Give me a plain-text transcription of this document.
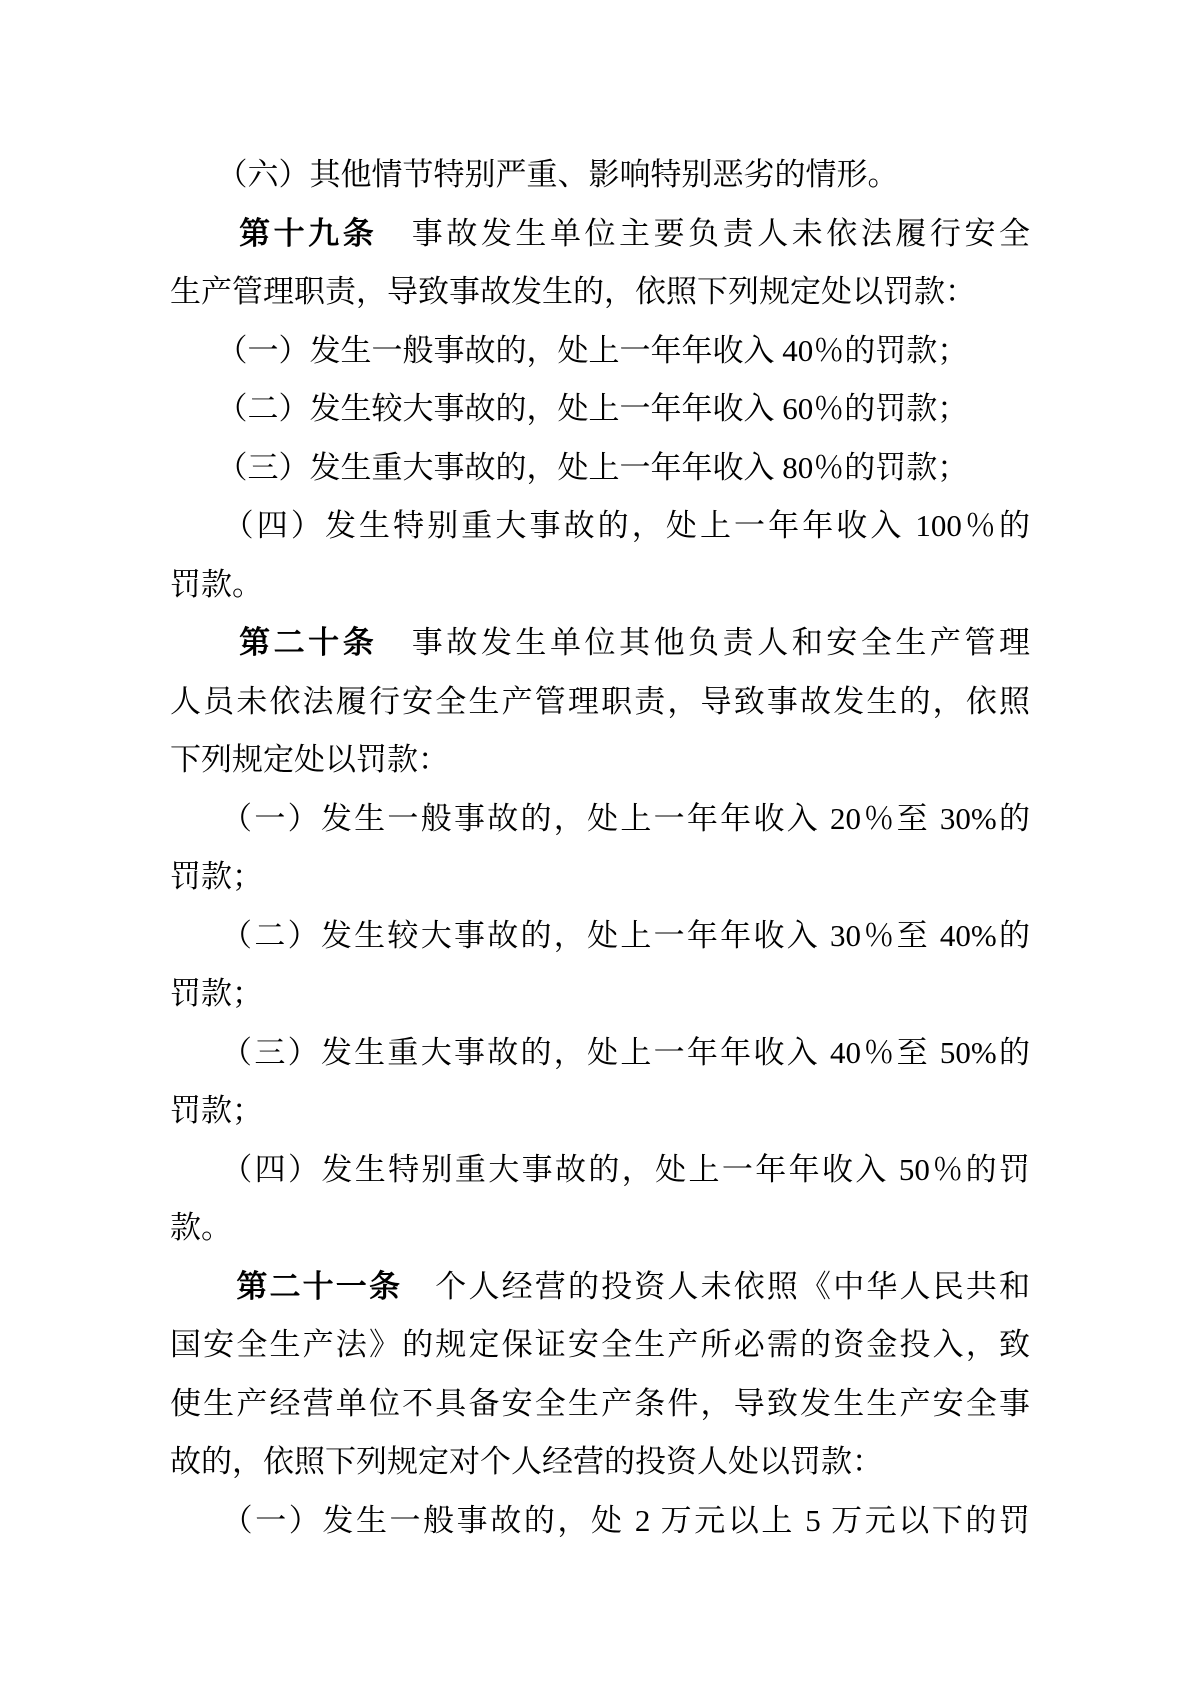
　　（六）其他情节特别严重、影响特别恶劣的情形。
　　第十九条　事故发生单位主要负责人未依法履行安全
生产管理职责，导致事故发生的，依照下列规定处以罚款：
　　（一）发生一般事故的，处上一年年收入 40％的罚款；
　　（二）发生较大事故的，处上一年年收入 60％的罚款；
　　（三）发生重大事故的，处上一年年收入 80％的罚款；
　　（四）发生特别重大事故的，处上一年年收入 100％的
罚款。
　　第二十条　事故发生单位其他负责人和安全生产管理
人员未依法履行安全生产管理职责，导致事故发生的，依照
下列规定处以罚款：
　　（一）发生一般事故的，处上一年年收入 20％至 30%的
罚款；
　　（二）发生较大事故的，处上一年年收入 30％至 40%的
罚款；
　　（三）发生重大事故的，处上一年年收入 40％至 50%的
罚款；
　　（四）发生特别重大事故的，处上一年年收入 50％的罚
款。
　　第二十一条　个人经营的投资人未依照《中华人民共和
国安全生产法》的规定保证安全生产所必需的资金投入，致
使生产经营单位不具备安全生产条件，导致发生生产安全事
故的，依照下列规定对个人经营的投资人处以罚款：
　　（一）发生一般事故的，处 2 万元以上 5 万元以下的罚
